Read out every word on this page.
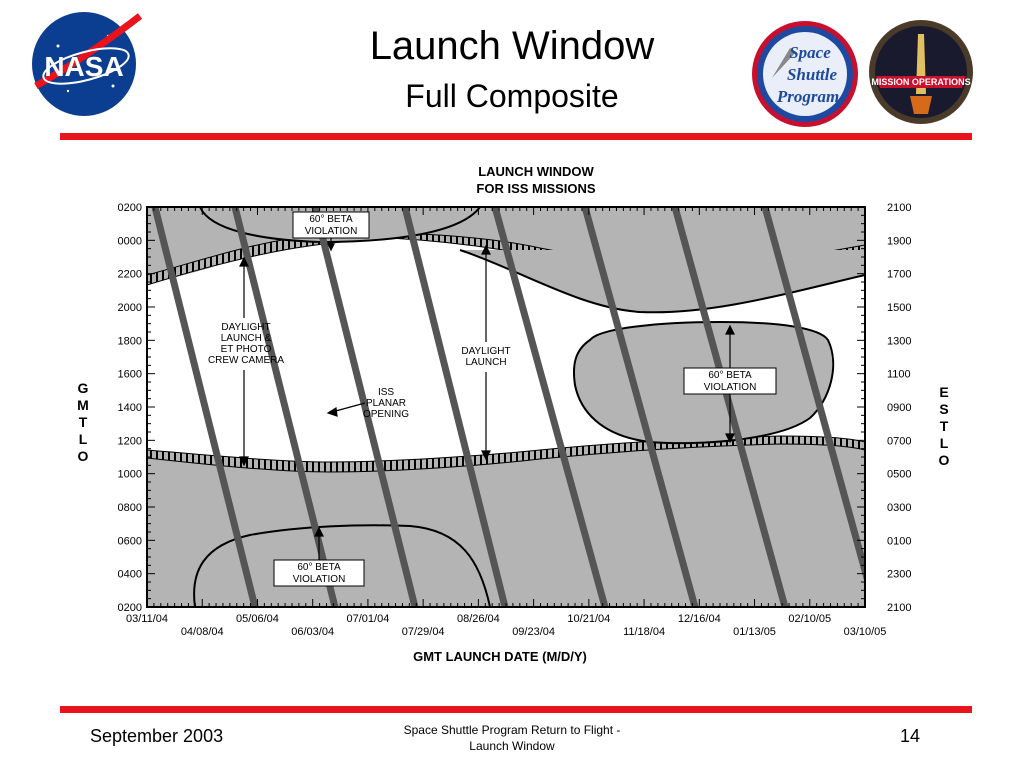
Launch Window
Full Composite
NASA	Space
Shuttle
Program
MISSION OPERATIONS
LAUNCH WINDOW
FOR ISS MISSIONS
60° BETA
VIOLATION
60° BETA
VIOLATION
60° BETA
VIOLATION
DAYLIGHT
LAUNCH &
ET PHOTO
CREW CAMERA
DAYLIGHT
LAUNCH
ISS
PLANAR
OPENING
0200
0000
2200
2000
1800
1600
1400
1200
1000
0800
0600
0400
0200
2100
1900
1700
1500
1300
1100
0900
0700
0500
0300
0100
2300
2100
03/11/04	05/06/04	07/01/04	08/26/04	10/21/04	12/16/04	02/10/05
04/08/04	06/03/04	07/29/04	09/23/04	11/18/04	01/13/05	03/10/05
GMT LAUNCH DATE (M/D/Y)
G
M
T
L
O
E
S
T
L
O
September 2003	Space Shuttle Program Return to Flight -
Launch Window	14
